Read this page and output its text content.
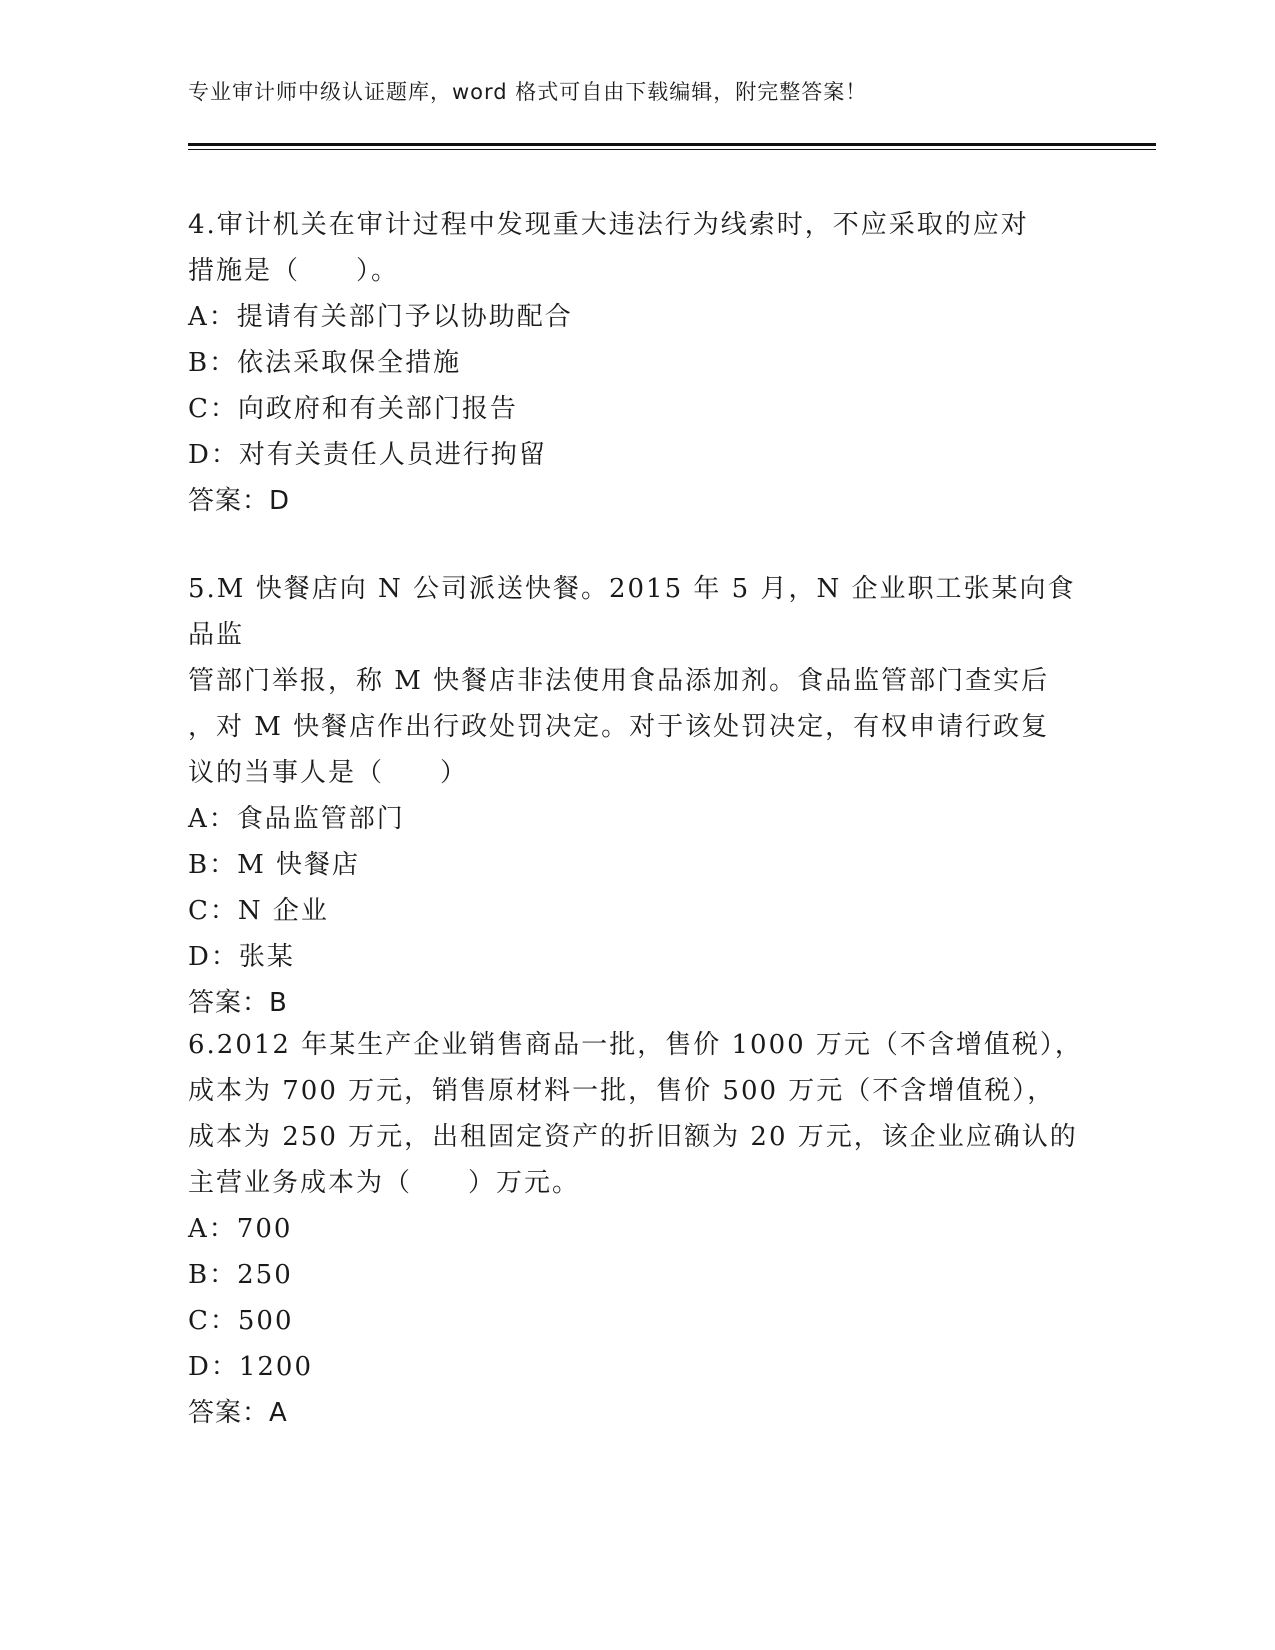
专业审计师中级认证题库，word 格式可自由下载编辑，附完整答案！

4.审计机关在审计过程中发现重大违法行为线索时，不应采取的应对

措施是（　　）。

A：提请有关部门予以协助配合

B：依法采取保全措施

C：向政府和有关部门报告

D：对有关责任人员进行拘留

答案：D

5.M 快餐店向 N 公司派送快餐。2015 年 5 月，N 企业职工张某向食品监

管部门举报，称 M 快餐店非法使用食品添加剂。食品监管部门查实后

，对 M 快餐店作出行政处罚决定。对于该处罚决定，有权申请行政复

议的当事人是（　　）

A：食品监管部门

B：M 快餐店

C：N 企业

D：张某

答案：B

6.2012 年某生产企业销售商品一批，售价 1000 万元（不含增值税），

成本为 700 万元，销售原材料一批，售价 500 万元（不含增值税），

成本为 250 万元，出租固定资产的折旧额为 20 万元，该企业应确认的

主营业务成本为（　　）万元。

A：700

B：250

C：500

D：1200

答案：A
